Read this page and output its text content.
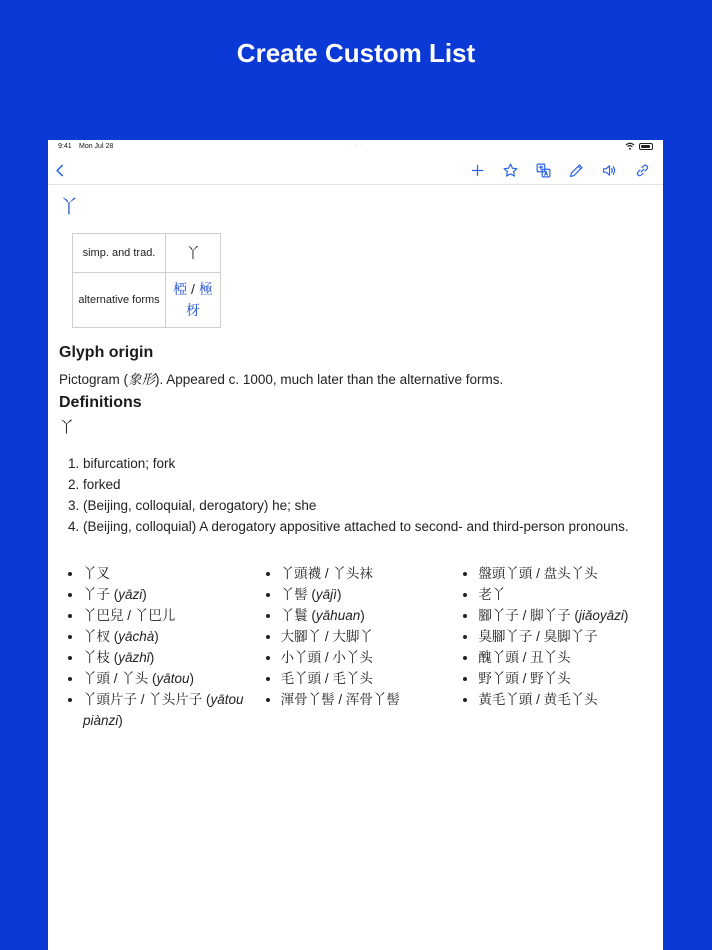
Create Custom List
9:41 Mon Jul 28	· · ·
丫
simp. and trad.	丫
alternative forms	椏 / 極
枒
Glyph origin
Pictogram (象形). Appeared c. 1000, much later than the alternative forms.
Definitions
丫
1. bifurcation; fork
2. forked
3. (Beijing, colloquial, derogatory) he; she
4. (Beijing, colloquial) A derogatory appositive attached to second- and third-person pronouns.
• 丫叉
• 丫子 (yāzi)
• 丫巴兒 / 丫巴儿
• 丫杈 (yāchà)
• 丫枝 (yāzhī)
• 丫頭 / 丫头 (yātou)
• 丫頭片子 / 丫头片子 (yātou piànzi)
• 丫頭襪 / 丫头袜
• 丫髻 (yājì)
• 丫鬟 (yāhuan)
• 大腳丫 / 大脚丫
• 小丫頭 / 小丫头
• 毛丫頭 / 毛丫头
• 渾骨丫髻 / 浑骨丫髻
• 盤頭丫頭 / 盘头丫头
• 老丫
• 腳丫子 / 脚丫子 (jiǎoyāzi)
• 臭腳丫子 / 臭脚丫子
• 醜丫頭 / 丑丫头
• 野丫頭 / 野丫头
• 黃毛丫頭 / 黄毛丫头
